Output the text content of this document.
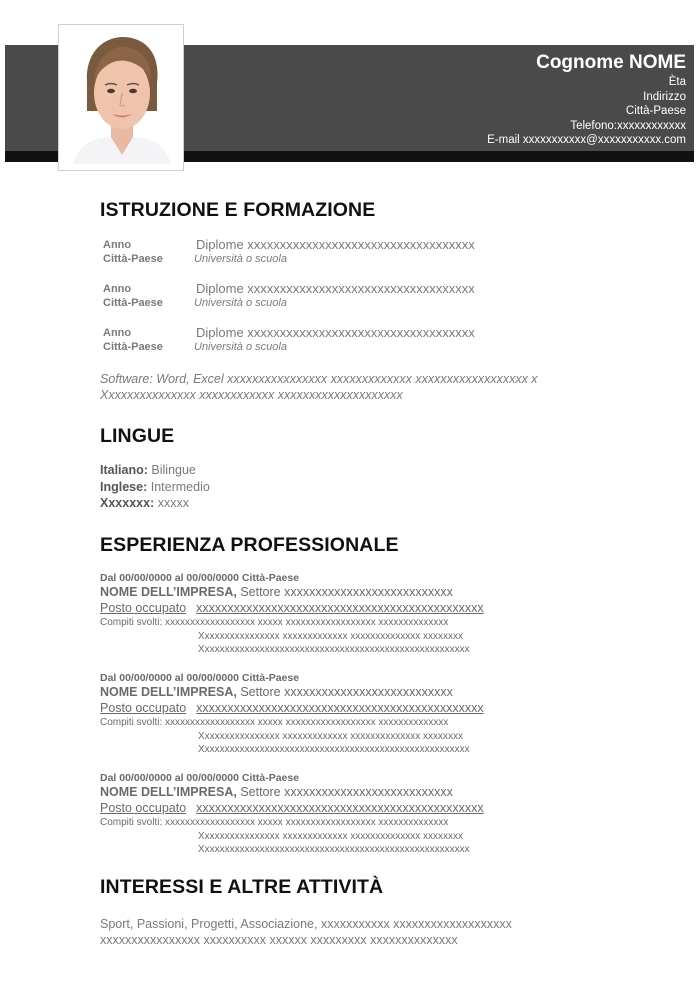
Cognome NOME
Èta
Indirizzo
Città-Paese
Telefono:xxxxxxxxxxxx
E-mail xxxxxxxxxxx@xxxxxxxxxxx.com
ISTRUZIONE E FORMAZIONE
Anno	Diplome xxxxxxxxxxxxxxxxxxxxxxxxxxxxxxxxxxx
Città-Paese	Università o scuola
Anno	Diplome xxxxxxxxxxxxxxxxxxxxxxxxxxxxxxxxxxx
Città-Paese	Università o scuola
Anno	Diplome xxxxxxxxxxxxxxxxxxxxxxxxxxxxxxxxxxx
Città-Paese	Università o scuola
Software: Word, Excel xxxxxxxxxxxxxxxx xxxxxxxxxxxxx xxxxxxxxxxxxxxxxxx x
Xxxxxxxxxxxxxxx xxxxxxxxxxxx xxxxxxxxxxxxxxxxxxxx
LINGUE
Italiano: Bilingue
Inglese: Intermedio
Xxxxxxx: xxxxx
ESPERIENZA PROFESSIONALE
Dal 00/00/0000 al 00/00/0000 Città-Paese
NOME DELL’IMPRESA, Settore xxxxxxxxxxxxxxxxxxxxxxxxxxx
Posto occupato xxxxxxxxxxxxxxxxxxxxxxxxxxxxxxxxxxxxxxxxxxxxxx
Compiti svolti: xxxxxxxxxxxxxxxxxx xxxxx xxxxxxxxxxxxxxxxxx xxxxxxxxxxxxxx
Xxxxxxxxxxxxxxxx xxxxxxxxxxxxx xxxxxxxxxxxxxx xxxxxxxx
Xxxxxxxxxxxxxxxxxxxxxxxxxxxxxxxxxxxxxxxxxxxxxxxxxxxxxx
Dal 00/00/0000 al 00/00/0000 Città-Paese
NOME DELL’IMPRESA, Settore xxxxxxxxxxxxxxxxxxxxxxxxxxx
Posto occupato xxxxxxxxxxxxxxxxxxxxxxxxxxxxxxxxxxxxxxxxxxxxxx
Compiti svolti: xxxxxxxxxxxxxxxxxx xxxxx xxxxxxxxxxxxxxxxxx xxxxxxxxxxxxxx
Xxxxxxxxxxxxxxxx xxxxxxxxxxxxx xxxxxxxxxxxxxx xxxxxxxx
Xxxxxxxxxxxxxxxxxxxxxxxxxxxxxxxxxxxxxxxxxxxxxxxxxxxxxx
Dal 00/00/0000 al 00/00/0000 Città-Paese
NOME DELL’IMPRESA, Settore xxxxxxxxxxxxxxxxxxxxxxxxxxx
Posto occupato xxxxxxxxxxxxxxxxxxxxxxxxxxxxxxxxxxxxxxxxxxxxxx
Compiti svolti: xxxxxxxxxxxxxxxxxx xxxxx xxxxxxxxxxxxxxxxxx xxxxxxxxxxxxxx
Xxxxxxxxxxxxxxxx xxxxxxxxxxxxx xxxxxxxxxxxxxx xxxxxxxx
Xxxxxxxxxxxxxxxxxxxxxxxxxxxxxxxxxxxxxxxxxxxxxxxxxxxxxx
INTERESSI E ALTRE ATTIVITÀ
Sport, Passioni, Progetti, Associazione, xxxxxxxxxxx xxxxxxxxxxxxxxxxxxx
xxxxxxxxxxxxxxxx xxxxxxxxxx xxxxxx xxxxxxxxx xxxxxxxxxxxxxx
